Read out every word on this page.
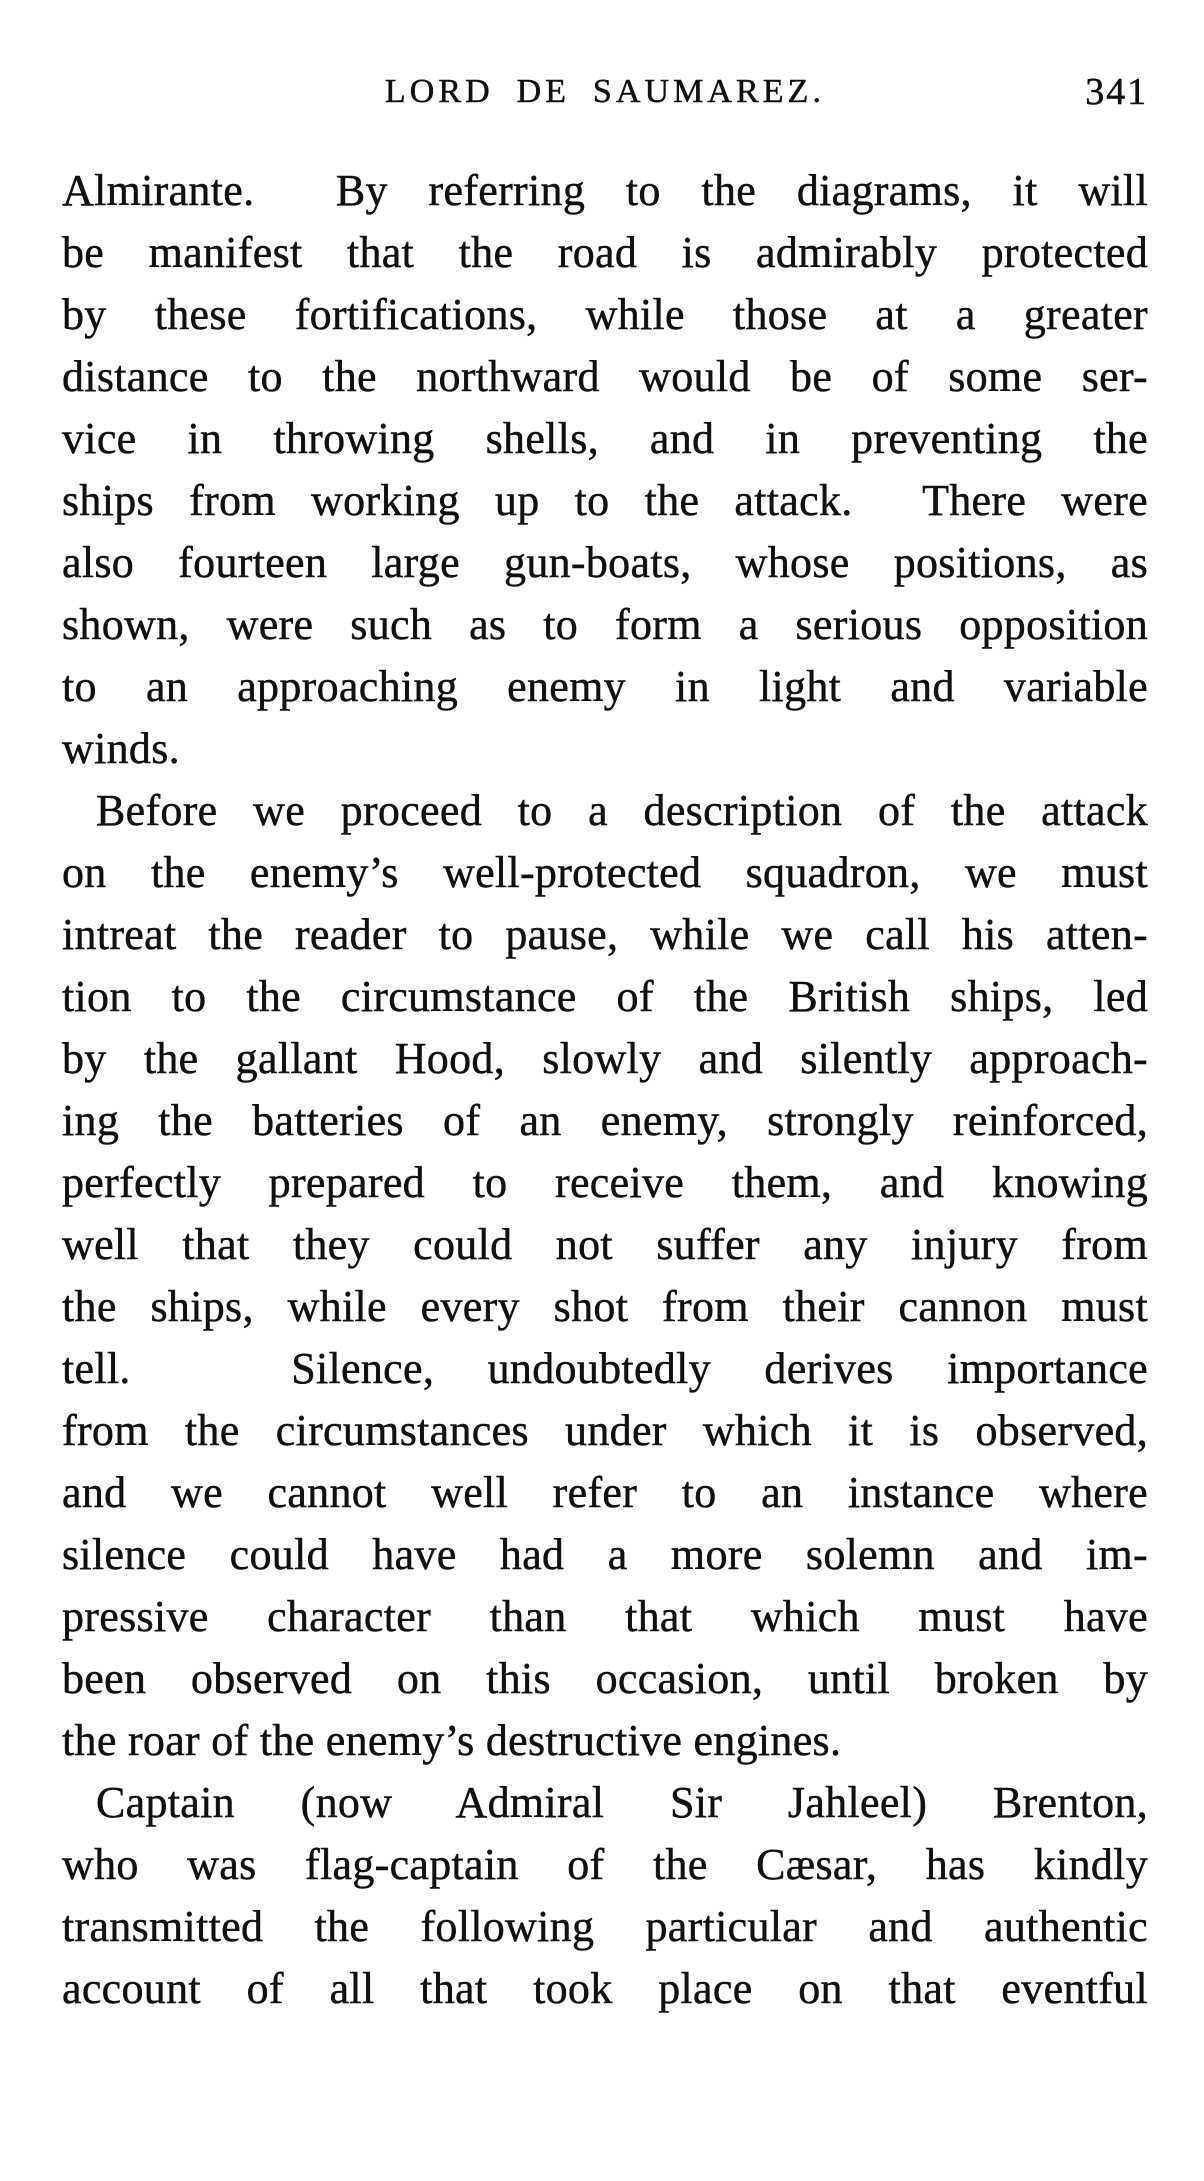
LORD DE SAUMAREZ.	341
Almirante.  By referring to the diagrams, it will
be manifest that the road is admirably protected
by these fortifications, while those at a greater
distance to the northward would be of some ser-
vice in throwing shells, and in preventing the
ships from working up to the attack.  There were
also fourteen large gun-boats, whose positions, as
shown, were such as to form a serious opposition
to an approaching enemy in light and variable
winds.
Before we proceed to a description of the attack
on the enemy’s well-protected squadron, we must
intreat the reader to pause, while we call his atten-
tion to the circumstance of the British ships, led
by the gallant Hood, slowly and silently approach-
ing the batteries of an enemy, strongly reinforced,
perfectly prepared to receive them, and knowing
well that they could not suffer any injury from
the ships, while every shot from their cannon must
tell.   Silence, undoubtedly derives importance
from the circumstances under which it is observed,
and we cannot well refer to an instance where
silence could have had a more solemn and im-
pressive character than that which must have
been observed on this occasion, until broken by
the roar of the enemy’s destructive engines.
Captain (now Admiral Sir Jahleel) Brenton,
who was flag-captain of the Cæsar, has kindly
transmitted the following particular and authentic
account of all that took place on that eventful
